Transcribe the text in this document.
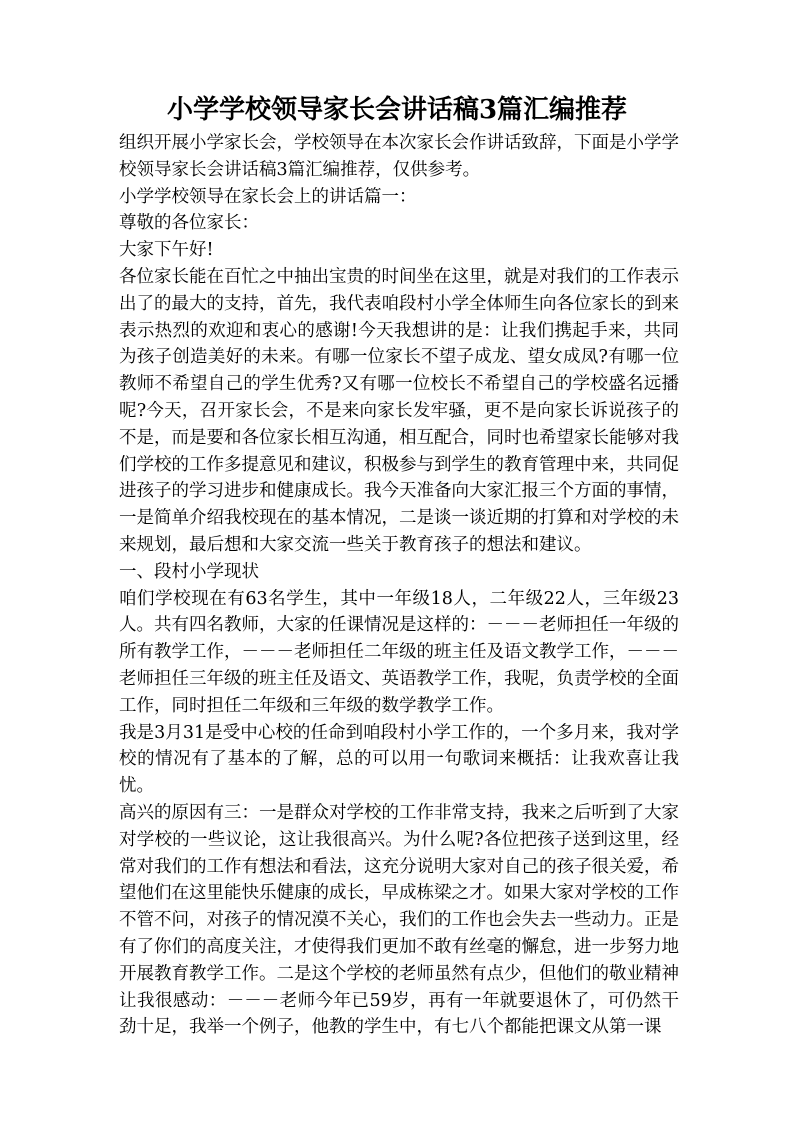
小学学校领导家长会讲话稿3篇汇编推荐

组织开展小学家长会，学校领导在本次家长会作讲话致辞，下面是小学学校领导家长会讲话稿3篇汇编推荐，仅供参考。

小学学校领导在家长会上的讲话篇一：

尊敬的各位家长：

大家下午好!

各位家长能在百忙之中抽出宝贵的时间坐在这里，就是对我们的工作表示出了的最大的支持，首先，我代表咱段村小学全体师生向各位家长的到来表示热烈的欢迎和衷心的感谢!今天我想讲的是：让我们携起手来，共同为孩子创造美好的未来。有哪一位家长不望子成龙、望女成凤?有哪一位教师不希望自己的学生优秀?又有哪一位校长不希望自己的学校盛名远播呢?今天，召开家长会，不是来向家长发牢骚，更不是向家长诉说孩子的不是，而是要和各位家长相互沟通，相互配合，同时也希望家长能够对我们学校的工作多提意见和建议，积极参与到学生的教育管理中来，共同促进孩子的学习进步和健康成长。我今天准备向大家汇报三个方面的事情，一是简单介绍我校现在的基本情况，二是谈一谈近期的打算和对学校的未来规划，最后想和大家交流一些关于教育孩子的想法和建议。

一、段村小学现状

咱们学校现在有63名学生，其中一年级18人，二年级22人，三年级23人。共有四名教师，大家的任课情况是这样的：－－－老师担任一年级的所有教学工作，－－－老师担任二年级的班主任及语文教学工作，－－－老师担任三年级的班主任及语文、英语教学工作，我呢，负责学校的全面工作，同时担任二年级和三年级的数学教学工作。

我是3月31是受中心校的任命到咱段村小学工作的，一个多月来，我对学校的情况有了基本的了解，总的可以用一句歌词来概括：让我欢喜让我忧。

高兴的原因有三：一是群众对学校的工作非常支持，我来之后听到了大家对学校的一些议论，这让我很高兴。为什么呢?各位把孩子送到这里，经常对我们的工作有想法和看法，这充分说明大家对自己的孩子很关爱，希望他们在这里能快乐健康的成长，早成栋梁之才。如果大家对学校的工作不管不问，对孩子的情况漠不关心，我们的工作也会失去一些动力。正是有了你们的高度关注，才使得我们更加不敢有丝毫的懈怠，进一步努力地开展教育教学工作。二是这个学校的老师虽然有点少，但他们的敬业精神让我很感动：－－－老师今年已59岁，再有一年就要退休了，可仍然干劲十足，我举一个例子，他教的学生中，有七八个都能把课文从第一课
